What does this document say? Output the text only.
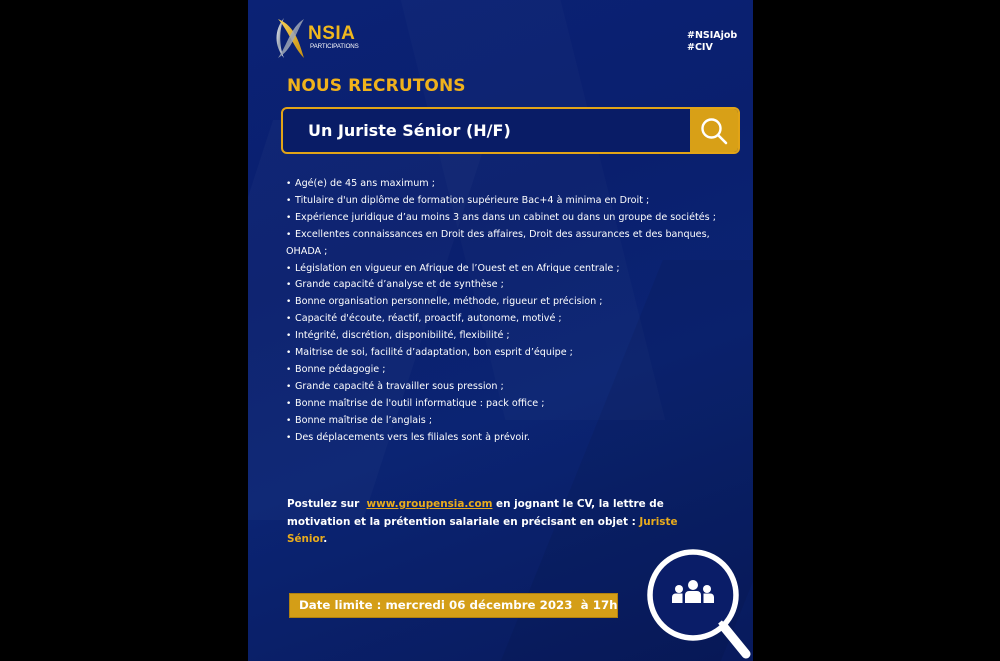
NSIA
PARTICIPATIONS
#NSIAjob
#CIV
NOUS RECRUTONS
Un Juriste Sénior (H/F)
• Agé(e) de 45 ans maximum ;
• Titulaire d'un diplôme de formation supérieure Bac+4 à minima en Droit ;
• Expérience juridique d’au moins 3 ans dans un cabinet ou dans un groupe de sociétés ;
• Excellentes connaissances en Droit des affaires, Droit des assurances et des banques, OHADA ;
• Législation en vigueur en Afrique de l’Ouest et en Afrique centrale ;
• Grande capacité d’analyse et de synthèse ;
• Bonne organisation personnelle, méthode, rigueur et précision ;
• Capacité d'écoute, réactif, proactif, autonome, motivé ;
• Intégrité, discrétion, disponibilité, flexibilité ;
• Maitrise de soi, facilité d’adaptation, bon esprit d’équipe ;
• Bonne pédagogie ;
• Grande capacité à travailler sous pression ;
• Bonne maîtrise de l'outil informatique : pack office ;
• Bonne maîtrise de l’anglais ;
• Des déplacements vers les filiales sont à prévoir.
Postulez sur  www.groupensia.com en jognant le CV, la lettre de motivation et la prétention salariale en précisant en objet : Juriste Sénior.
Date limite : mercredi 06 décembre 2023  à 17h
